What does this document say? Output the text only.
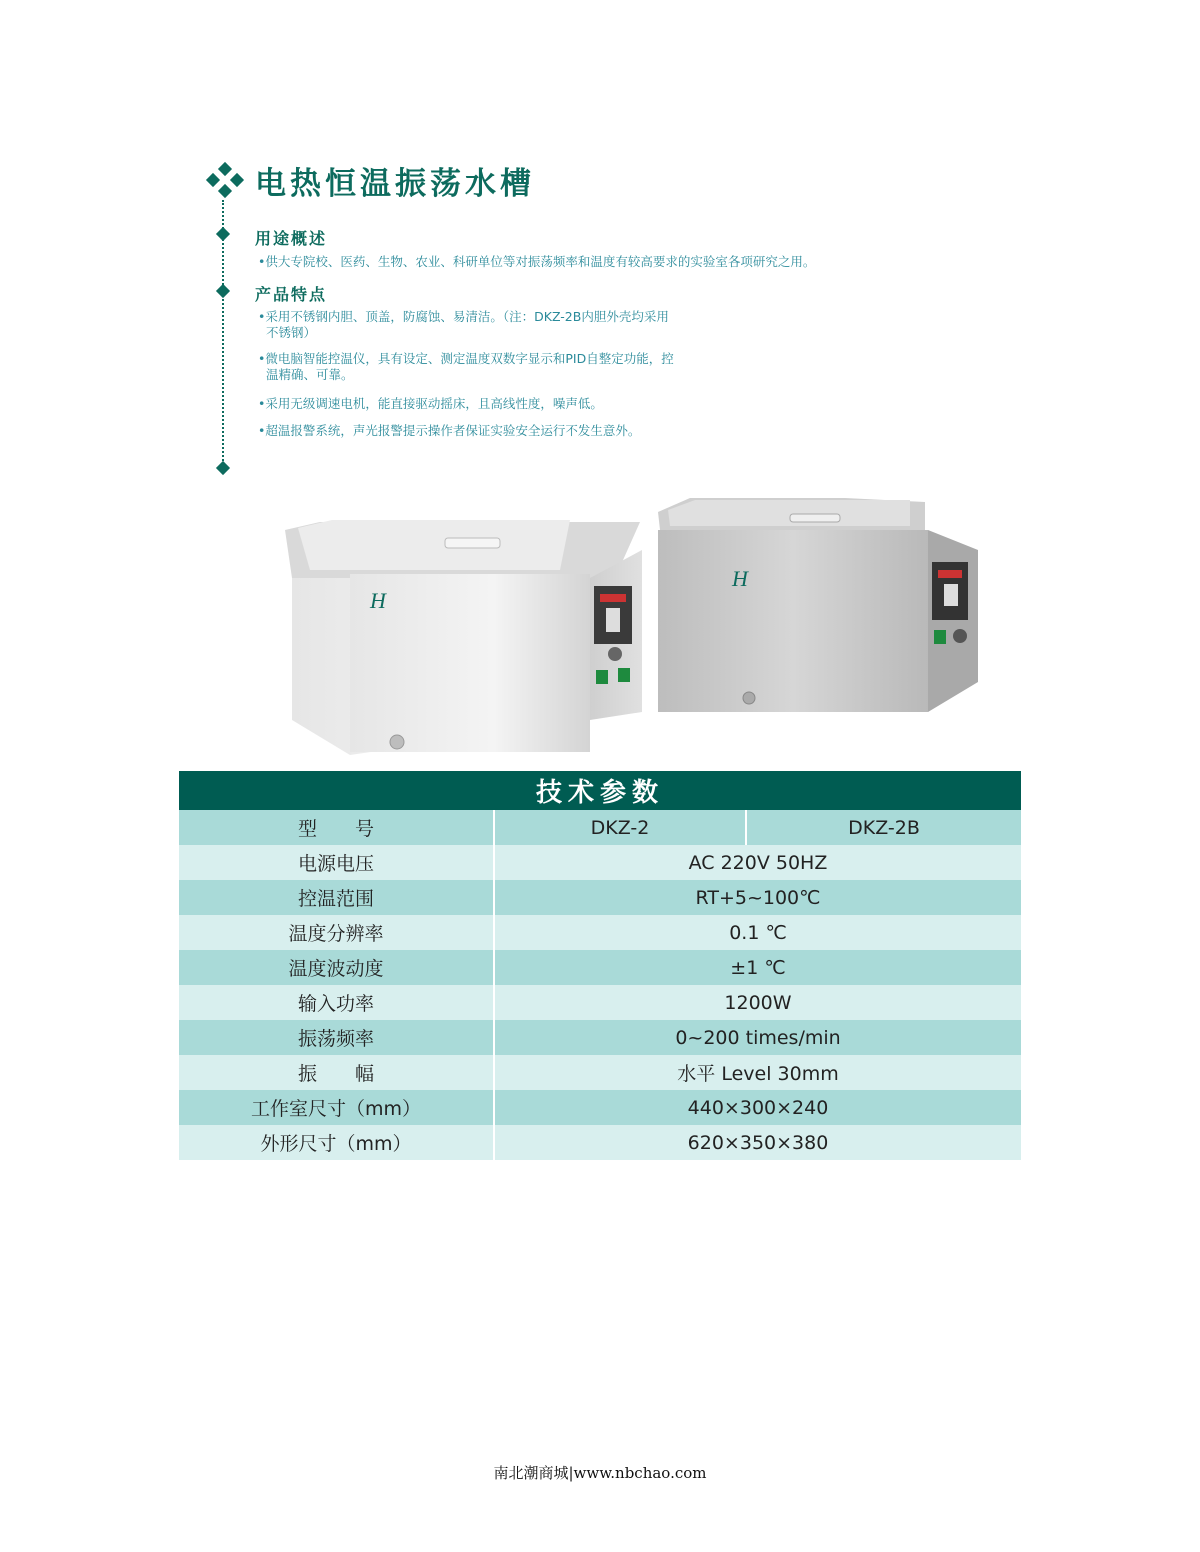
电热恒温振荡水槽
用途概述
•供大专院校、医药、生物、农业、科研单位等对振荡频率和温度有较高要求的实验室各项研究之用。
产品特点
•采用不锈钢内胆、顶盖，防腐蚀、易清洁。（注：DKZ-2B内胆外壳均采用
不锈钢）
•微电脑智能控温仪，具有设定、测定温度双数字显示和PID自整定功能，控
温精确、可靠。
•采用无级调速电机，能直接驱动摇床，且高线性度，噪声低。
•超温报警系统，声光报警提示操作者保证实验安全运行不发生意外。
H
H
技术参数		
型　　号	DKZ-2	DKZ-2B
电源电压	AC 220V 50HZ	
控温范围	RT+5~100℃	
温度分辨率	0.1 ℃	
温度波动度	±1 ℃	
输入功率	1200W	
振荡频率	0~200 times/min	
振　　幅	水平 Level 30mm	
工作室尺寸（mm）	440×300×240	
外形尺寸（mm）	620×350×380	
南北潮商城|www.nbchao.com
